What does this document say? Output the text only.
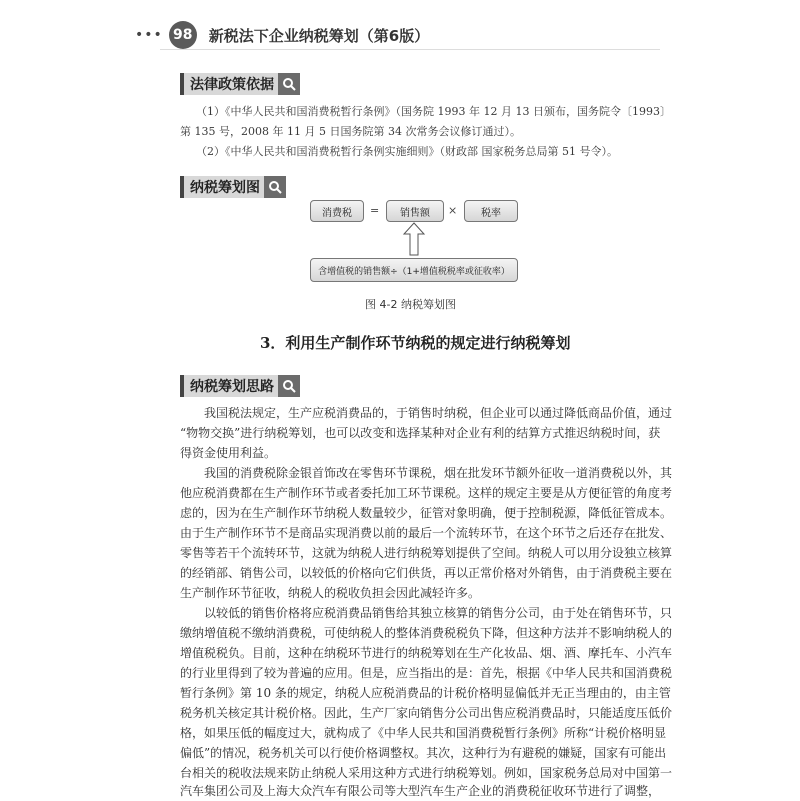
••• 98 新税法下企业纳税筹划（第6版）
法律政策依据
（1）《中华人民共和国消费税暂行条例》（国务院 1993 年 12 月 13 日颁布，国务院令〔1993〕
第 135 号，2008 年 11 月 5 日国务院第 34 次常务会议修订通过）。
（2）《中华人民共和国消费税暂行条例实施细则》（财政部 国家税务总局第 51 号令）。
纳税筹划图
消费税	=	销售额	×	税率
含增值税的销售额÷（1+增值税税率或征收率）
图 4-2 纳税筹划图
3．利用生产制作环节纳税的规定进行纳税筹划
纳税筹划思路
我国税法规定，生产应税消费品的，于销售时纳税，但企业可以通过降低商品价值，通过
“物物交换”进行纳税筹划，也可以改变和选择某种对企业有利的结算方式推迟纳税时间，获
得资金使用利益。
我国的消费税除金银首饰改在零售环节课税，烟在批发环节额外征收一道消费税以外，其
他应税消费都在生产制作环节或者委托加工环节课税。这样的规定主要是从方便征管的角度考
虑的，因为在生产制作环节纳税人数量较少，征管对象明确，便于控制税源，降低征管成本。
由于生产制作环节不是商品实现消费以前的最后一个流转环节，在这个环节之后还存在批发、
零售等若干个流转环节，这就为纳税人进行纳税筹划提供了空间。纳税人可以用分设独立核算
的经销部、销售公司，以较低的价格向它们供货，再以正常价格对外销售，由于消费税主要在
生产制作环节征收，纳税人的税收负担会因此减轻许多。
以较低的销售价格将应税消费品销售给其独立核算的销售分公司，由于处在销售环节，只
缴纳增值税不缴纳消费税，可使纳税人的整体消费税税负下降，但这种方法并不影响纳税人的
增值税税负。目前，这种在纳税环节进行的纳税筹划在生产化妆品、烟、酒、摩托车、小汽车
的行业里得到了较为普遍的应用。但是，应当指出的是：首先，根据《中华人民共和国消费税
暂行条例》第 10 条的规定，纳税人应税消费品的计税价格明显偏低并无正当理由的，由主管
税务机关核定其计税价格。因此，生产厂家向销售分公司出售应税消费品时，只能适度压低价
格，如果压低的幅度过大，就构成了《中华人民共和国消费税暂行条例》所称“计税价格明显
偏低”的情况，税务机关可以行使价格调整权。其次，这种行为有避税的嫌疑，国家有可能出
台相关的税收法规来防止纳税人采用这种方式进行纳税筹划。例如，国家税务总局对中国第一
汽车集团公司及上海大众汽车有限公司等大型汽车生产企业的消费税征收环节进行了调整，
